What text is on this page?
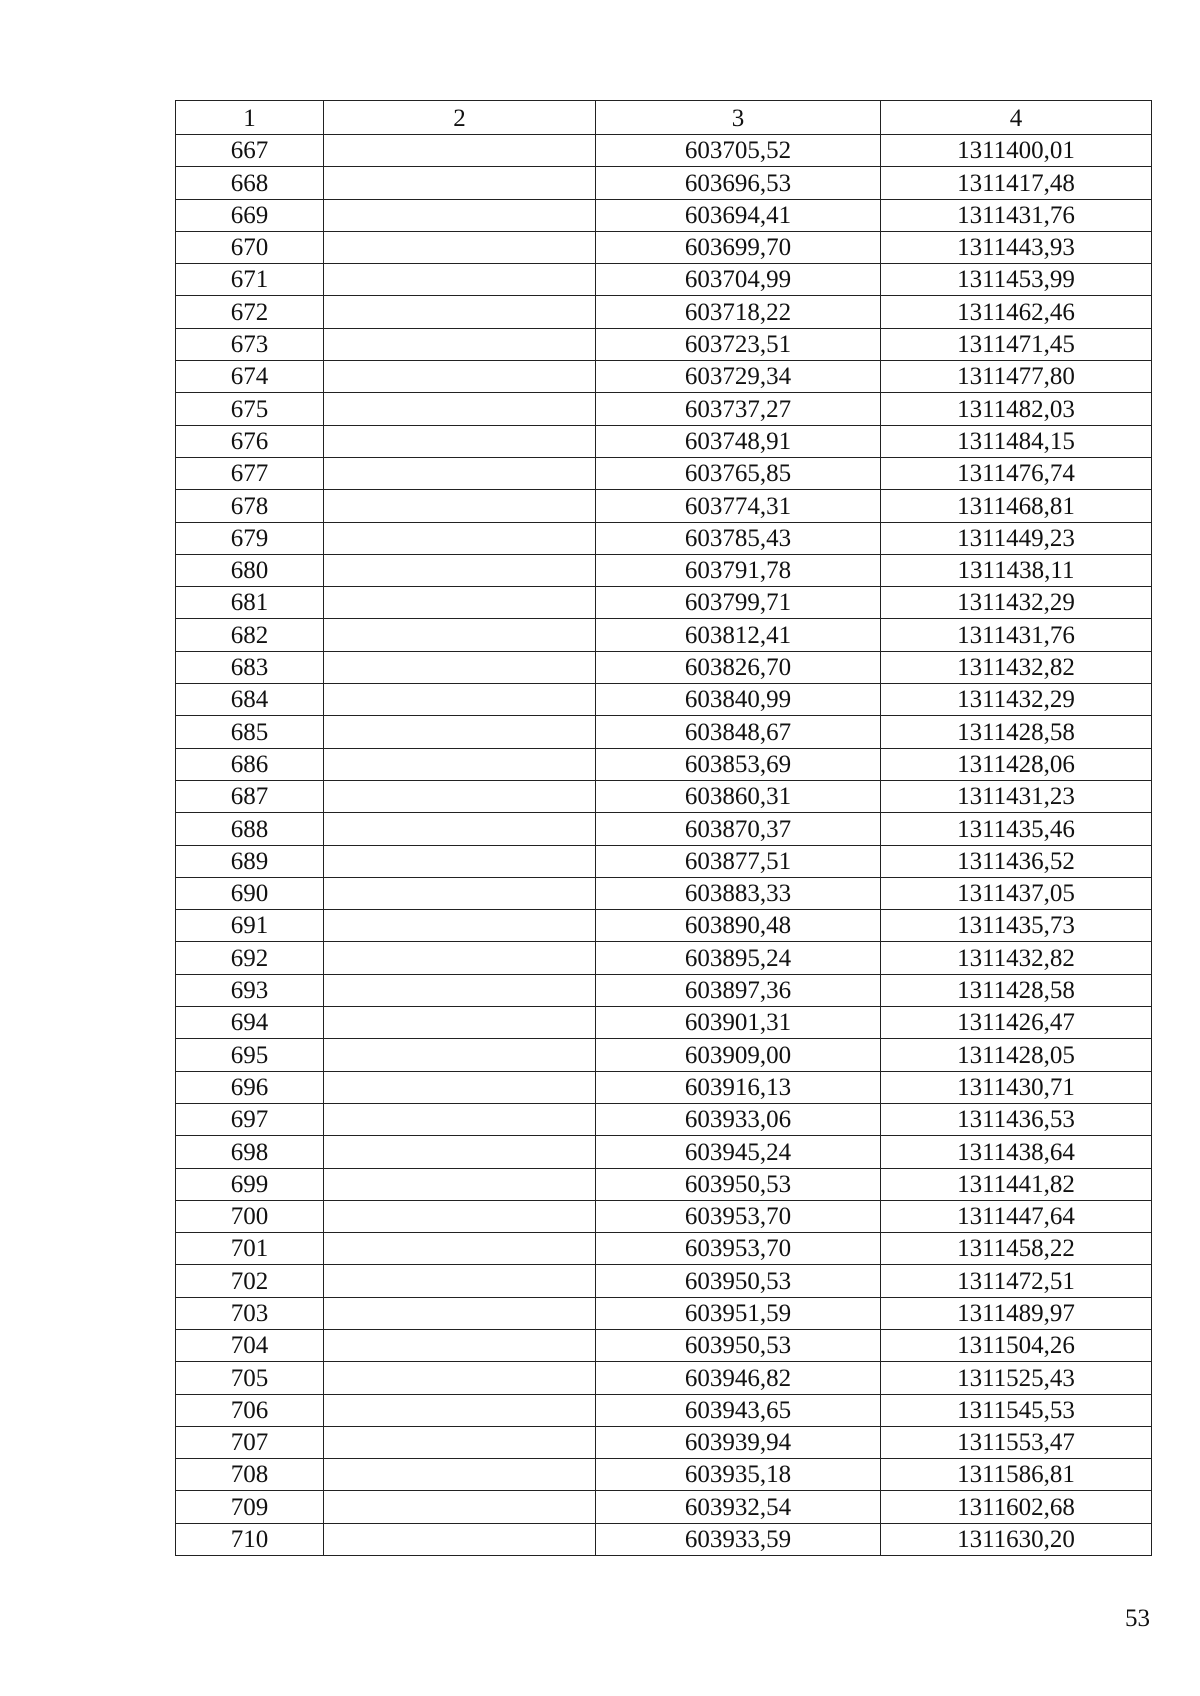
1	2	3	4
667		603705,52	1311400,01
668		603696,53	1311417,48
669		603694,41	1311431,76
670		603699,70	1311443,93
671		603704,99	1311453,99
672		603718,22	1311462,46
673		603723,51	1311471,45
674		603729,34	1311477,80
675		603737,27	1311482,03
676		603748,91	1311484,15
677		603765,85	1311476,74
678		603774,31	1311468,81
679		603785,43	1311449,23
680		603791,78	1311438,11
681		603799,71	1311432,29
682		603812,41	1311431,76
683		603826,70	1311432,82
684		603840,99	1311432,29
685		603848,67	1311428,58
686		603853,69	1311428,06
687		603860,31	1311431,23
688		603870,37	1311435,46
689		603877,51	1311436,52
690		603883,33	1311437,05
691		603890,48	1311435,73
692		603895,24	1311432,82
693		603897,36	1311428,58
694		603901,31	1311426,47
695		603909,00	1311428,05
696		603916,13	1311430,71
697		603933,06	1311436,53
698		603945,24	1311438,64
699		603950,53	1311441,82
700		603953,70	1311447,64
701		603953,70	1311458,22
702		603950,53	1311472,51
703		603951,59	1311489,97
704		603950,53	1311504,26
705		603946,82	1311525,43
706		603943,65	1311545,53
707		603939,94	1311553,47
708		603935,18	1311586,81
709		603932,54	1311602,68
710		603933,59	1311630,20
53
